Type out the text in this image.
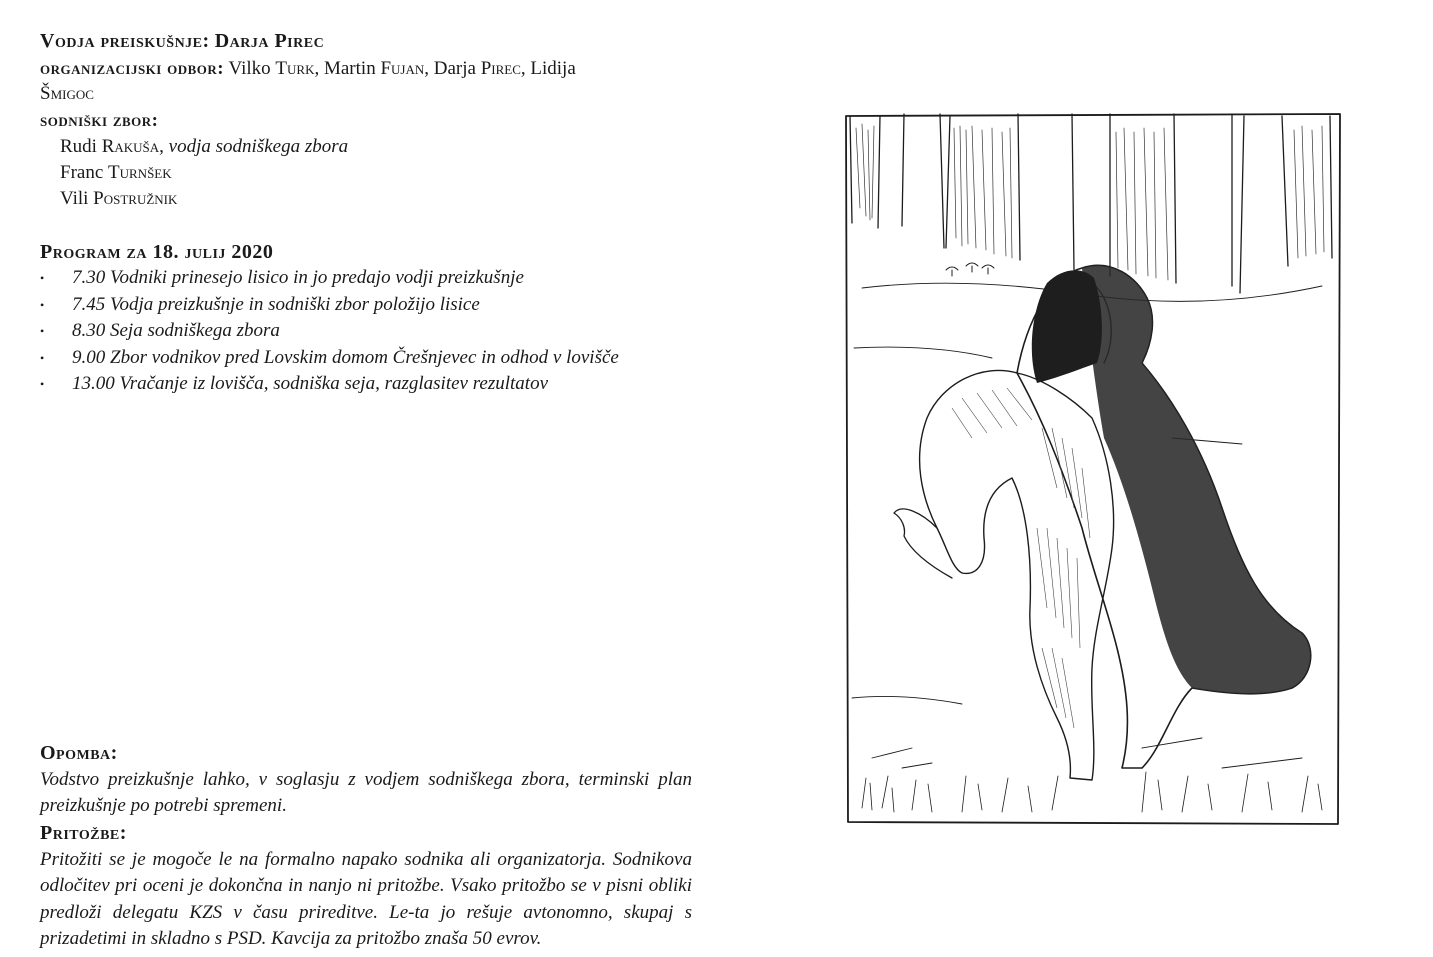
Vodja preiskušnje: Darja Pirec
organizacijski odbor: Vilko Turk, Martin Fujan, Darja Pirec, Lidija
Šmigoc
sodniški zbor:
Rudi Rakuša, vodja sodniškega zbora
Franc Turnšek
Vili Postružnik
Program za 18. julij 2020
• 7.30 Vodniki prinesejo lisico in jo predajo vodji preizkušnje
• 7.45 Vodja preizkušnje in sodniški zbor položijo lisice
• 8.30 Seja sodniškega zbora
• 9.00 Zbor vodnikov pred Lovskim domom Črešnjevec in odhod v lovišče
• 13.00 Vračanje iz lovišča, sodniška seja, razglasitev rezultatov
Opomba:
Vodstvo preizkušnje lahko, v soglasju z vodjem sodniškega zbora, terminski plan preizkušnje po potrebi spremeni.
Pritožbe:
Pritožiti se je mogoče le na formalno napako sodnika ali organizatorja. Sodnikova odločitev pri oceni je dokončna in nanjo ni pritožbe. Vsako pritožbo se v pisni obliki predloži delegatu KZS v času prireditve. Le-ta jo rešuje avtonomno, skupaj s prizadetimi in skladno s PSD. Kavcija za pritožbo znaša 50 evrov.
